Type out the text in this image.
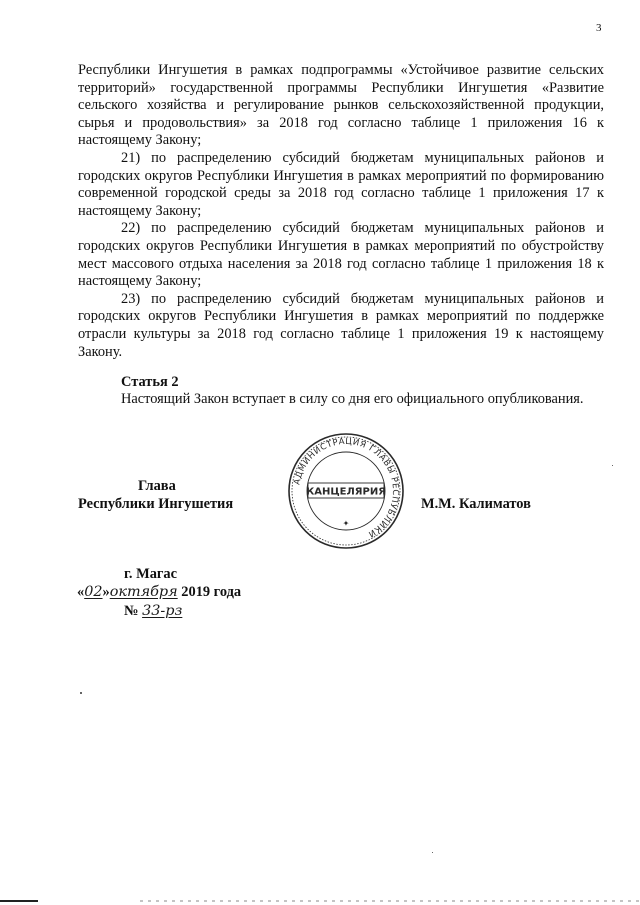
3

Республики Ингушетия в рамках подпрограммы «Устойчивое развитие сельских территорий» государственной программы Республики Ингушетия «Развитие сельского хозяйства и регулирование рынков сельскохозяйственной продукции, сырья и продовольствия» за 2018 год согласно таблице 1 приложения 16 к настоящему Закону;

21) по распределению субсидий бюджетам муниципальных районов и городских округов Республики Ингушетия в рамках мероприятий по формированию современной городской среды за 2018 год согласно таблице 1 приложения 17 к настоящему Закону;

22) по распределению субсидий бюджетам муниципальных районов и городских округов Республики Ингушетия в рамках мероприятий по обустройству мест массового отдыха населения за 2018 год согласно таблице 1 приложения 18 к настоящему Закону;

23) по распределению субсидий бюджетам муниципальных районов и городских округов Республики Ингушетия в рамках мероприятий по поддержке отрасли культуры за 2018 год согласно таблице 1 приложения 19 к настоящему Закону.

Статья 2
Настоящий Закон вступает в силу со дня его официального опубликования.
Глава
Республики Ингушетия	М.М. Калиматов
АДМИНИСТРАЦИЯ ГЛАВЫ РЕСПУБЛИКИ
КАНЦЕЛЯРИЯ
✦
г. Магас
«02»октября 2019 года
№ 33-рз
